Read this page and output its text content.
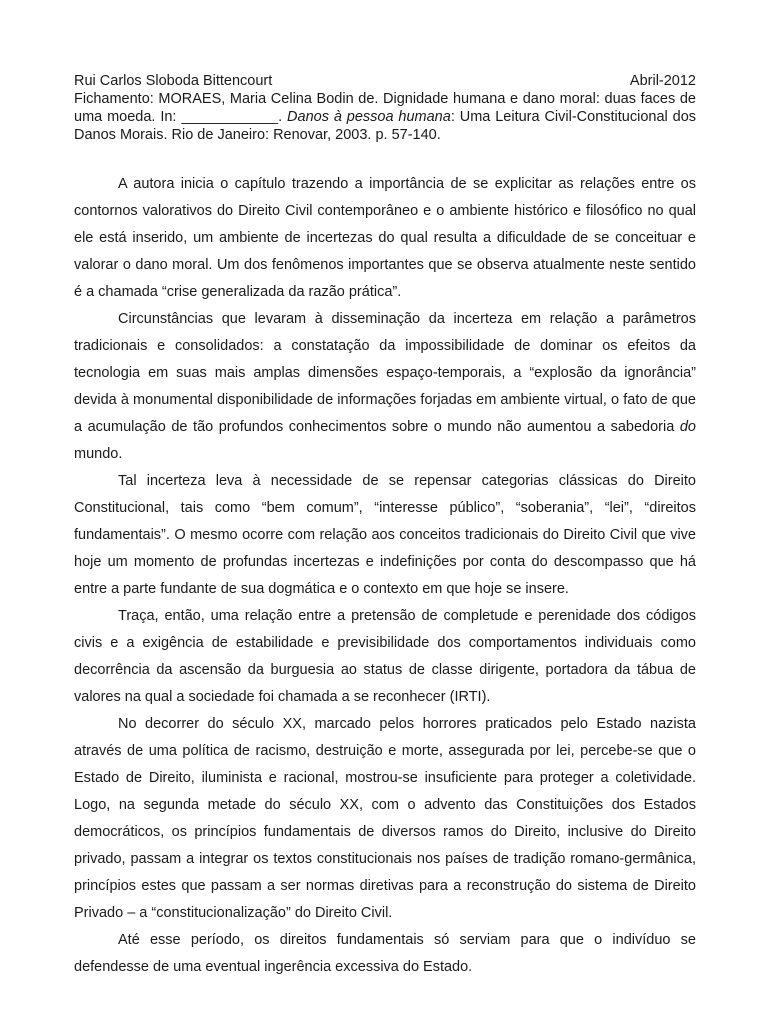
Rui Carlos Sloboda Bittencourt	Abril-2012

Fichamento: MORAES, Maria Celina Bodin de. Dignidade humana e dano moral: duas faces de uma moeda. In: ____________. Danos à pessoa humana: Uma Leitura Civil-Constitucional dos Danos Morais. Rio de Janeiro: Renovar, 2003. p. 57-140.

A autora inicia o capítulo trazendo a importância de se explicitar as relações entre os contornos valorativos do Direito Civil contemporâneo e o ambiente histórico e filosófico no qual ele está inserido, um ambiente de incertezas do qual resulta a dificuldade de se conceituar e valorar o dano moral. Um dos fenômenos importantes que se observa atualmente neste sentido é a chamada “crise generalizada da razão prática”.

Circunstâncias que levaram à disseminação da incerteza em relação a parâmetros tradicionais e consolidados: a constatação da impossibilidade de dominar os efeitos da tecnologia em suas mais amplas dimensões espaço-temporais, a “explosão da ignorância” devida à monumental disponibilidade de informações forjadas em ambiente virtual, o fato de que a acumulação de tão profundos conhecimentos sobre o mundo não aumentou a sabedoria do mundo.

Tal incerteza leva à necessidade de se repensar categorias clássicas do Direito Constitucional, tais como “bem comum”, “interesse público”, “soberania”, “lei”, “direitos fundamentais”. O mesmo ocorre com relação aos conceitos tradicionais do Direito Civil que vive hoje um momento de profundas incertezas e indefinições por conta do descompasso que há entre a parte fundante de sua dogmática e o contexto em que hoje se insere.

Traça, então, uma relação entre a pretensão de completude e perenidade dos códigos civis e a exigência de estabilidade e previsibilidade dos comportamentos individuais como decorrência da ascensão da burguesia ao status de classe dirigente, portadora da tábua de valores na qual a sociedade foi chamada a se reconhecer (IRTI).

No decorrer do século XX, marcado pelos horrores praticados pelo Estado nazista através de uma política de racismo, destruição e morte, assegurada por lei, percebe-se que o Estado de Direito, iluminista e racional, mostrou-se insuficiente para proteger a coletividade. Logo, na segunda metade do século XX, com o advento das Constituições dos Estados democráticos, os princípios fundamentais de diversos ramos do Direito, inclusive do Direito privado, passam a integrar os textos constitucionais nos países de tradição romano-germânica, princípios estes que passam a ser normas diretivas para a reconstrução do sistema de Direito Privado – a “constitucionalização” do Direito Civil.

Até esse período, os direitos fundamentais só serviam para que o indivíduo se defendesse de uma eventual ingerência excessiva do Estado.
